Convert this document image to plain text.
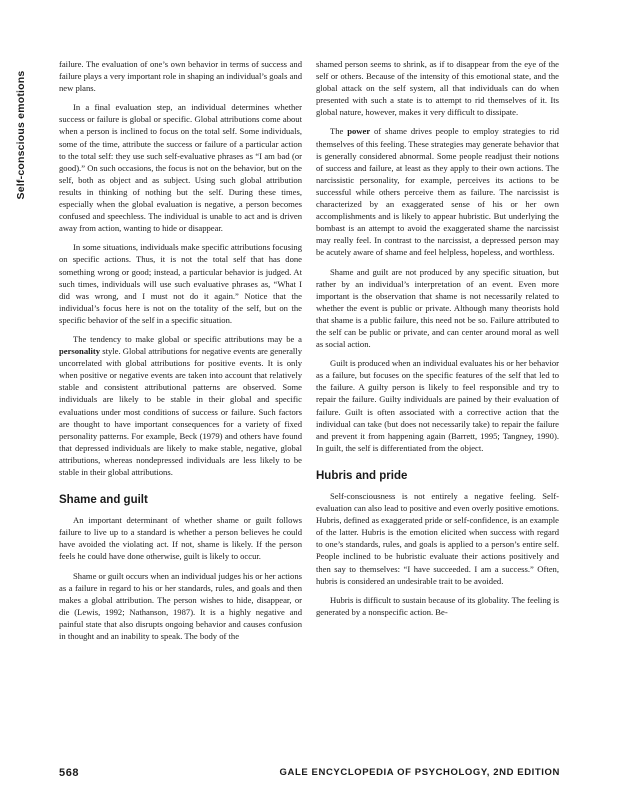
Self-conscious emotions

failure. The evaluation of one’s own behavior in terms of success and failure plays a very important role in shaping an individual’s goals and new plans.

In a final evaluation step, an individual determines whether success or failure is global or specific. Global attributions come about when a person is inclined to focus on the total self. Some individuals, some of the time, attribute the success or failure of a particular action to the total self: they use such self-evaluative phrases as “I am bad (or good).” On such occasions, the focus is not on the behavior, but on the self, both as object and as subject. Using such global attribution results in thinking of nothing but the self. During these times, especially when the global evaluation is negative, a person becomes confused and speechless. The individual is unable to act and is driven away from action, wanting to hide or disappear.

In some situations, individuals make specific attributions focusing on specific actions. Thus, it is not the total self that has done something wrong or good; instead, a particular behavior is judged. At such times, individuals will use such evaluative phrases as, “What I did was wrong, and I must not do it again.” Notice that the individual’s focus here is not on the totality of the self, but on the specific behavior of the self in a specific situation.

The tendency to make global or specific attributions may be a personality style. Global attributions for negative events are generally uncorrelated with global attributions for positive events. It is only when positive or negative events are taken into account that relatively stable and consistent attributional patterns are observed. Some individuals are likely to be stable in their global and specific evaluations under most conditions of success or failure. Such factors are thought to have important consequences for a variety of fixed personality patterns. For example, Beck (1979) and others have found that depressed individuals are likely to make stable, negative, global attributions, whereas nondepressed individuals are less likely to be stable in their global attributions.

Shame and guilt

An important determinant of whether shame or guilt follows failure to live up to a standard is whether a person believes he could have avoided the violating act. If not, shame is likely. If the person feels he could have done otherwise, guilt is likely to occur.

Shame or guilt occurs when an individual judges his or her actions as a failure in regard to his or her standards, rules, and goals and then makes a global attribution. The person wishes to hide, disappear, or die (Lewis, 1992; Nathanson, 1987). It is a highly negative and painful state that also disrupts ongoing behavior and causes confusion in thought and an inability to speak. The body of the

shamed person seems to shrink, as if to disappear from the eye of the self or others. Because of the intensity of this emotional state, and the global attack on the self system, all that individuals can do when presented with such a state is to attempt to rid themselves of it. Its global nature, however, makes it very difficult to dissipate.

The power of shame drives people to employ strategies to rid themselves of this feeling. These strategies may generate behavior that is generally considered abnormal. Some people readjust their notions of success and failure, at least as they apply to their own actions. The narcissistic personality, for example, perceives its actions to be successful while others perceive them as failure. The narcissist is characterized by an exaggerated sense of his or her own accomplishments and is likely to appear hubristic. But underlying the bombast is an attempt to avoid the exaggerated shame the narcissist may really feel. In contrast to the narcissist, a depressed person may be acutely aware of shame and feel helpless, hopeless, and worthless.

Shame and guilt are not produced by any specific situation, but rather by an individual’s interpretation of an event. Even more important is the observation that shame is not necessarily related to whether the event is public or private. Although many theorists hold that shame is a public failure, this need not be so. Failure attributed to the self can be public or private, and can center around moral as well as social action.

Guilt is produced when an individual evaluates his or her behavior as a failure, but focuses on the specific features of the self that led to the failure. A guilty person is likely to feel responsible and try to repair the failure. Guilty individuals are pained by their evaluation of failure. Guilt is often associated with a corrective action that the individual can take (but does not necessarily take) to repair the failure and prevent it from happening again (Barrett, 1995; Tangney, 1990). In guilt, the self is differentiated from the object.

Hubris and pride

Self-consciousness is not entirely a negative feeling. Self-evaluation can also lead to positive and even overly positive emotions. Hubris, defined as exaggerated pride or self-confidence, is an example of the latter. Hubris is the emotion elicited when success with regard to one’s standards, rules, and goals is applied to a person’s entire self. People inclined to be hubristic evaluate their actions positively and then say to themselves: “I have succeeded. I am a success.” Often, hubris is considered an undesirable trait to be avoided.

Hubris is difficult to sustain because of its globality. The feeling is generated by a nonspecific action. Be-

568	GALE ENCYCLOPEDIA OF PSYCHOLOGY, 2ND EDITION
